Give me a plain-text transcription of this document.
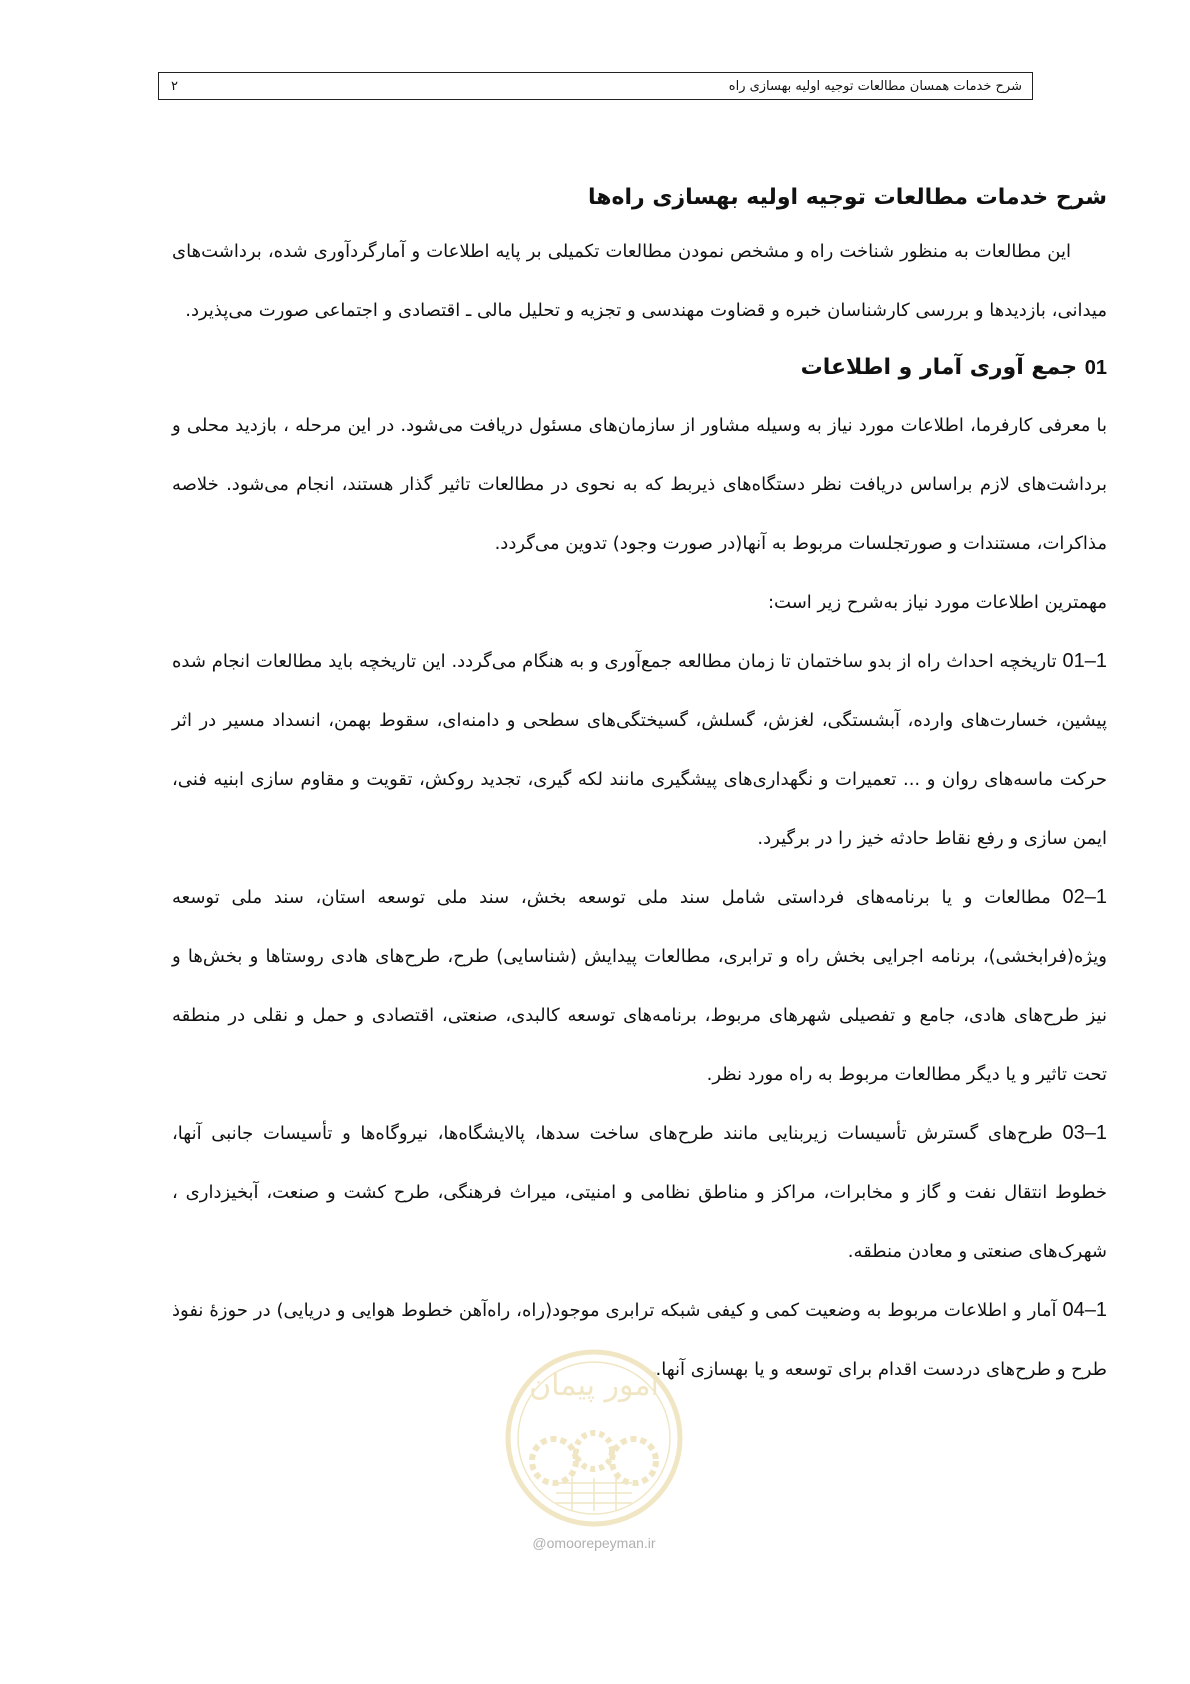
شرح خدمات همسان مطالعات توجیه اولیه بهسازی راه
۲
شرح خدمات مطالعات توجیه اولیه بهسازی راه‌ها

این مطالعات به منظور شناخت راه و مشخص نمودن مطالعات تکمیلی بر پایه اطلاعات و آمارگردآوری شده، برداشت‌های میدانی، بازدیدها و بررسی کارشناسان خبره و قضاوت مهندسی و تجزیه و تحلیل مالی ـ اقتصادی و اجتماعی صورت می‌پذیرد.

01 جمع آوری آمار و اطلاعات

با معرفی کارفرما، اطلاعات مورد نیاز به وسیله مشاور از سازمان‌های مسئول دریافت می‌شود. در این مرحله ، بازدید محلی و برداشت‌های لازم براساس دریافت نظر دستگاه‌های ذیربط که به نحوی در مطالعات تاثیر گذار هستند، انجام می‌شود. خلاصه مذاکرات، مستندات و صورتجلسات مربوط به آنها(در صورت وجود) تدوین می‌گردد.

مهمترین اطلاعات مورد نیاز به‌شرح زیر است:

1–01 تاریخچه احداث راه از بدو ساختمان تا زمان مطالعه جمع‌آوری و به هنگام می‌گردد. این تاریخچه باید مطالعات انجام شده پیشین، خسارت‌های وارده، آبشستگی، لغزش، گسلش، گسیختگی‌های سطحی و دامنه‌ای، سقوط بهمن، انسداد مسیر در اثر حرکت ماسه‌های روان و ... تعمیرات و نگهداری‌های پیشگیری مانند لکه گیری، تجدید روکش، تقویت و مقاوم سازی ابنیه فنی، ایمن سازی و رفع نقاط حادثه خیز را در برگیرد.

1–02 مطالعات و یا برنامه‌های فرداستی شامل سند ملی توسعه بخش، سند ملی توسعه استان، سند ملی توسعه ویژه(فرابخشی)، برنامه اجرایی بخش راه و ترابری، مطالعات پیدایش (شناسایی) طرح، طرح‌های هادی روستاها و بخش‌ها و نیز طرح‌های هادی، جامع و تفصیلی شهرهای مربوط، برنامه‌های توسعه کالبدی، صنعتی، اقتصادی و حمل و نقلی در منطقه تحت تاثیر و یا دیگر مطالعات مربوط به راه مورد نظر.

1–03 طرح‌های گسترش تأسیسات زیربنایی مانند طرح‌های ساخت سدها، پالایشگاه‌ها، نیروگاه‌ها و تأسیسات جانبی آنها، خطوط انتقال نفت و گاز و مخابرات، مراکز و مناطق نظامی و امنیتی، میراث فرهنگی، طرح کشت و صنعت، آبخیزداری ، شهرک‌های صنعتی و معادن منطقه.

1–04 آمار و اطلاعات مربوط به وضعیت کمی و کیفی شبکه ترابری موجود(راه، راه‌آهن خطوط هوایی و دریایی) در حوزهٔ نفوذ طرح و طرح‌های دردست اقدام برای توسعه و یا بهسازی آنها.

امور پیمان
@omoorepeyman.ir
